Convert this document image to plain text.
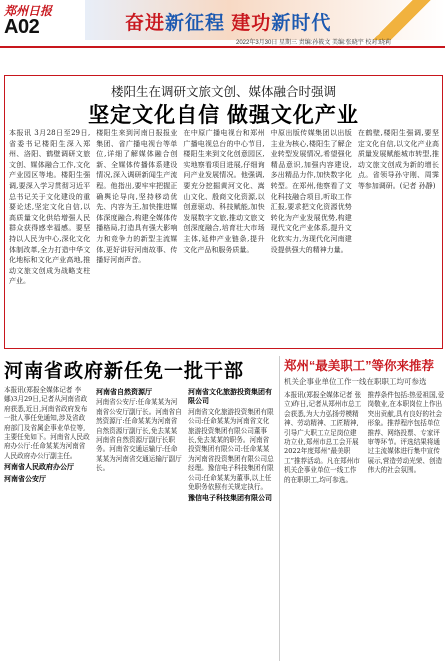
郑州日报
A02	奋进新征程 建功新时代
2022年3月30日 星期三 责编:孙筱文 美编:张晓宇 校对:晓莉
楼阳生在调研文旅文创、媒体融合时强调
坚定文化自信 做强文化产业
本报讯 3月28日至29日,省委书记楼阳生深入郑州、洛阳、鹤壁调研文旅文创、媒体融合工作,文化产业园区等地。楼阳生强调,要深入学习贯彻习近平总书记关于文化建设的重要论述,坚定文化自信,以高质量文化供给增强人民群众获得感幸福感。要坚持以人民为中心,深化文化体制改革,全力打造中华文化地标和文化产业高地,推动文旅文创成为战略支柱产业。
楼阳生来到河南日报报业集团、省广播电视台等单位,详细了解媒体融合创新、全媒体传播体系建设情况,深入调研新闻生产流程。他指出,要牢牢把握正确舆论导向,坚持移动优先、内容为王,加快推进媒体深度融合,构建全媒体传播格局,打造具有强大影响力和竞争力的新型主流媒体,更好讲好河南故事、传播好河南声音。
在中原广播电视台和郑州广播电视总台的中心节目,楼阳生来到文化创意园区,实地察看项目进展,仔细询问产业发展情况。他强调,要充分挖掘黄河文化、嵩山文化、殷商文化资源,以创意驱动、科技赋能,加快发展数字文旅,推动文旅文创深度融合,培育壮大市场主体,延伸产业链条,提升文化产品和服务质量。
中原出版传媒集团以出版主业为核心,楼阳生了解企业转型发展情况,希望强化精品意识,加强内容建设,多出精品力作,加快数字化转型。在郑州,他察看了文化科技融合项目,听取工作汇报,要求把文化资源优势转化为产业发展优势,构建现代文化产业体系,提升文化软实力,为现代化河南建设提供强大的精神力量。
在鹤壁,楼阳生强调,要坚定文化自信,以文化产业高质量发展赋能城市转型,推动文旅文创成为新的增长点。省领导孙守刚、周霁等参加调研。(记者 孙静)
河南省政府新任免一批干部
本报讯(郑报全媒体记者 李娜)3月29日,记者从河南省政府获悉,近日,河南省政府发布一批人事任免通知,涉及省政府部门及省属企事业单位等,主要任免如下。河南省人民政府办公厅:任命某某为河南省人民政府办公厅副主任。
河南省人民政府办公厅
河南省公安厅
河南省自然资源厅
河南省公安厅:任命某某为河南省公安厅副厅长。河南省自然资源厅:任命某某为河南省自然资源厅副厅长,免去某某河南省自然资源厅副厅长职务。河南省交通运输厅:任命某某为河南省交通运输厅副厅长。
河南省文化旅游投资集团有限公司
河南省文化旅游投资集团有限公司:任命某某为河南省文化旅游投资集团有限公司董事长,免去某某的职务。河南省投资集团有限公司:任命某某为河南省投资集团有限公司总经理。豫信电子科技集团有限公司:任命某某为董事,以上任免职务依照有关规定执行。
豫信电子科技集团有限公司
郑州“最美职工”等你来推荐
机关企事业单位工作一线在职职工均可参选
本报讯(郑报全媒体记者 张立)昨日,记者从郑州市总工会获悉,为大力弘扬劳模精神、劳动精神、工匠精神,引导广大职工立足岗位建功立业,郑州市总工会开展2022年度郑州“最美职工”推荐活动。凡在郑州市机关企事业单位一线工作的在职职工,均可参选。
推荐条件包括:热爱祖国,爱岗敬业,在本职岗位上作出突出贡献,具有良好的社会形象。推荐程序包括单位推荐、网络投票、专家评审等环节。评选结果将通过主流媒体进行集中宣传展示,营造劳动光荣、创造伟大的社会氛围。
